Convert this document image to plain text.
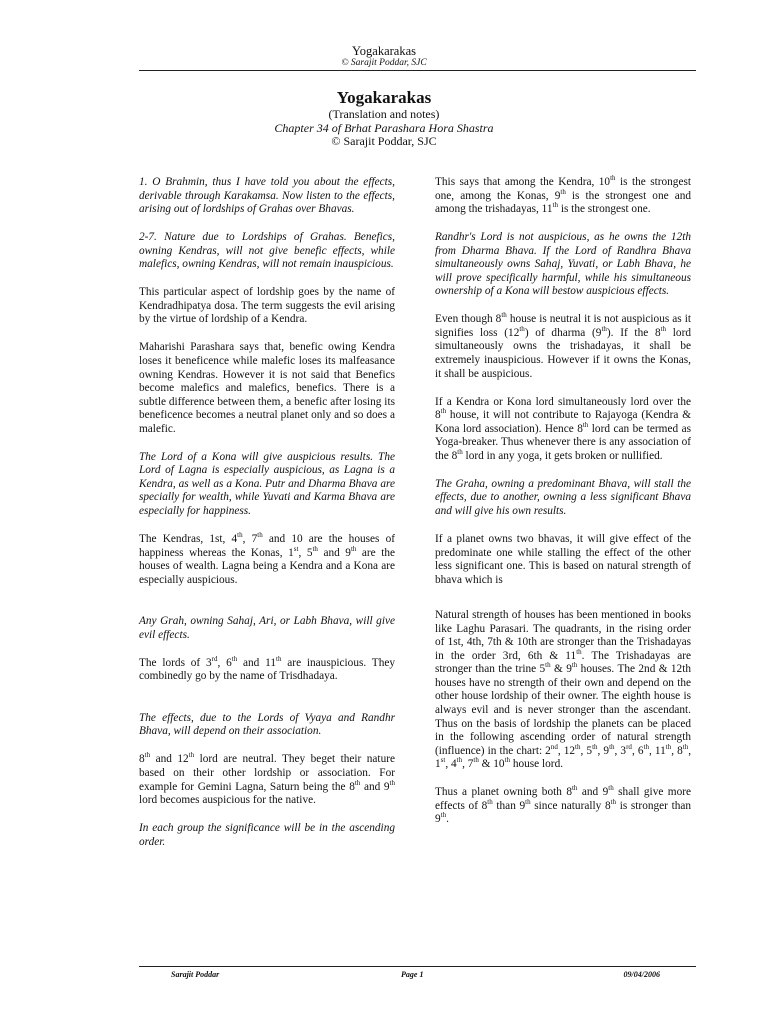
Yogakarakas
© Sarajit Poddar, SJC
Yogakarakas
(Translation and notes)
Chapter 34 of Brhat Parashara Hora Shastra
© Sarajit Poddar, SJC

1. O Brahmin, thus I have told you about the effects, derivable through Karakamsa. Now listen to the effects, arising out of lordships of Grahas over Bhavas.

2-7. Nature due to Lordships of Grahas. Benefics, owning Kendras, will not give benefic effects, while malefics, owning Kendras, will not remain inauspicious.

This particular aspect of lordship goes by the name of Kendradhipatya dosa. The term suggests the evil arising by the virtue of lordship of a Kendra.

Maharishi Parashara says that, benefic owing Kendra loses it beneficence while malefic loses its malfeasance owning Kendras. However it is not said that Benefics become malefics and malefics, benefics. There is a subtle difference between them, a benefic after losing its beneficence becomes a neutral planet only and so does a malefic.

The Lord of a Kona will give auspicious results. The Lord of Lagna is especially auspicious, as Lagna is a Kendra, as well as a Kona. Putr and Dharma Bhava are specially for wealth, while Yuvati and Karma Bhava are especially for happiness.

The Kendras, 1st, 4th, 7th and 10 are the houses of happiness whereas the Konas, 1st, 5th and 9th are the houses of wealth. Lagna being a Kendra and a Kona are especially auspicious.

Any Grah, owning Sahaj, Ari, or Labh Bhava, will give evil effects.

The lords of 3rd, 6th and 11th are inauspicious. They combinedly go by the name of Trisdhadaya.

The effects, due to the Lords of Vyaya and Randhr Bhava, will depend on their association.

8th and 12th lord are neutral. They beget their nature based on their other lordship or association. For example for Gemini Lagna, Saturn being the 8th and 9th lord becomes auspicious for the native.

In each group the significance will be in the ascending order.

This says that among the Kendra, 10th is the strongest one, among the Konas, 9th is the strongest one and among the trishadayas, 11th is the strongest one.

Randhr's Lord is not auspicious, as he owns the 12th from Dharma Bhava. If the Lord of Randhra Bhava simultaneously owns Sahaj, Yuvati, or Labh Bhava, he will prove specifically harmful, while his simultaneous ownership of a Kona will bestow auspicious effects.

Even though 8th house is neutral it is not auspicious as it signifies loss (12th) of dharma (9th). If the 8th lord simultaneously owns the trishadayas, it shall be extremely inauspicious. However if it owns the Konas, it shall be auspicious.

If a Kendra or Kona lord simultaneously lord over the 8th house, it will not contribute to Rajayoga (Kendra & Kona lord association). Hence 8th lord can be termed as Yoga-breaker. Thus whenever there is any association of the 8th lord in any yoga, it gets broken or nullified.

The Graha, owning a predominant Bhava, will stall the effects, due to another, owning a less significant Bhava and will give his own results.

If a planet owns two bhavas, it will give effect of the predominate one while stalling the effect of the other less significant one. This is based on natural strength of bhava which is

Natural strength of houses has been mentioned in books like Laghu Parasari. The quadrants, in the rising order of 1st, 4th, 7th & 10th are stronger than the Trishadayas in the order 3rd, 6th & 11th. The Trishadayas are stronger than the trine 5th & 9th houses. The 2nd & 12th houses have no strength of their own and depend on the other house lordship of their owner. The eighth house is always evil and is never stronger than the ascendant. Thus on the basis of lordship the planets can be placed in the following ascending order of natural strength (influence) in the chart: 2nd, 12th, 5th, 9th, 3rd, 6th, 11th, 8th, 1st, 4th, 7th & 10th house lord.

Thus a planet owning both 8th and 9th shall give more effects of 8th than 9th since naturally 8th is stronger than 9th.

Sarajit Poddar	Page 1	09/04/2006
